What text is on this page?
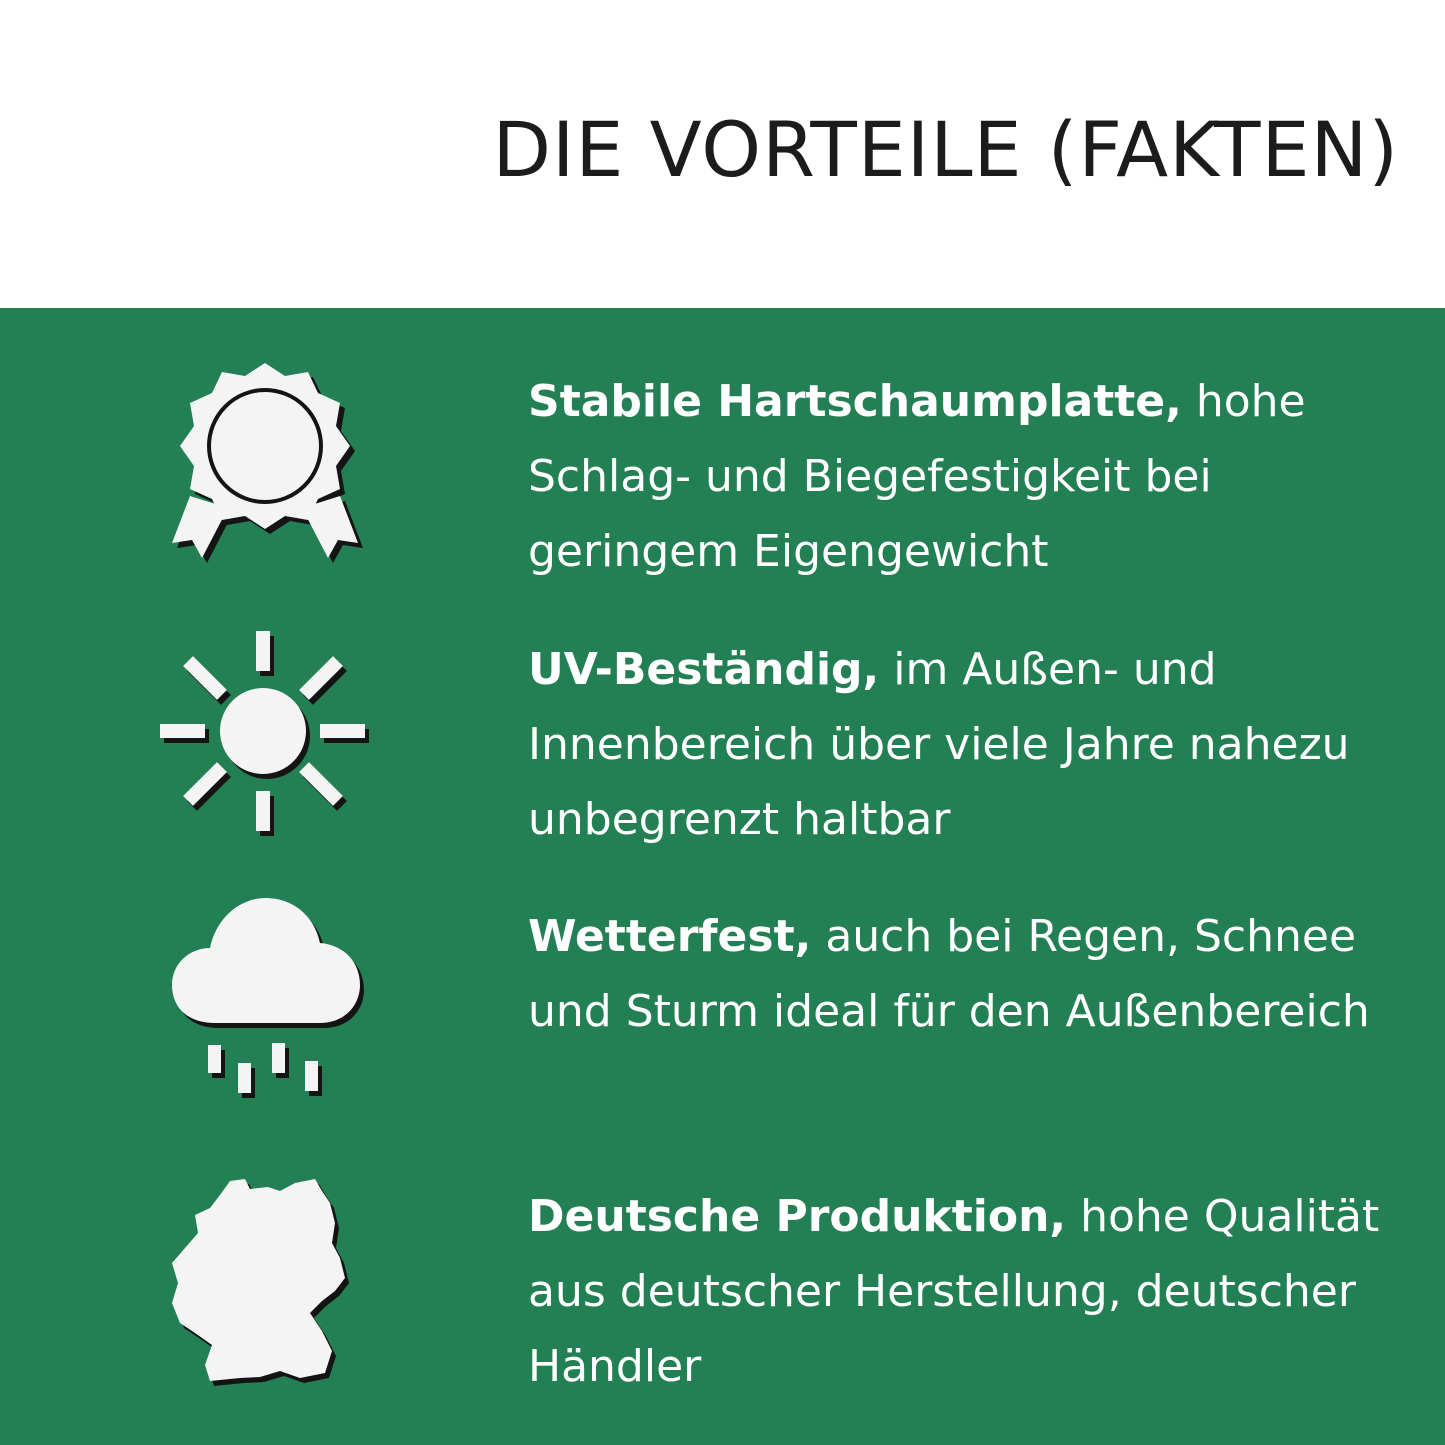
DIE VORTEILE (FAKTEN)
Stabile Hartschaumplatte, hohe Schlag- und Biegefestigkeit bei geringem Eigengewicht
UV-Beständig, im Außen- und Innenbereich über viele Jahre nahezu unbegrenzt haltbar
Wetterfest, auch bei Regen, Schnee und Sturm ideal für den Außenbereich
Deutsche Produktion, hohe Qualität aus deutscher Herstellung, deutscher Händler
